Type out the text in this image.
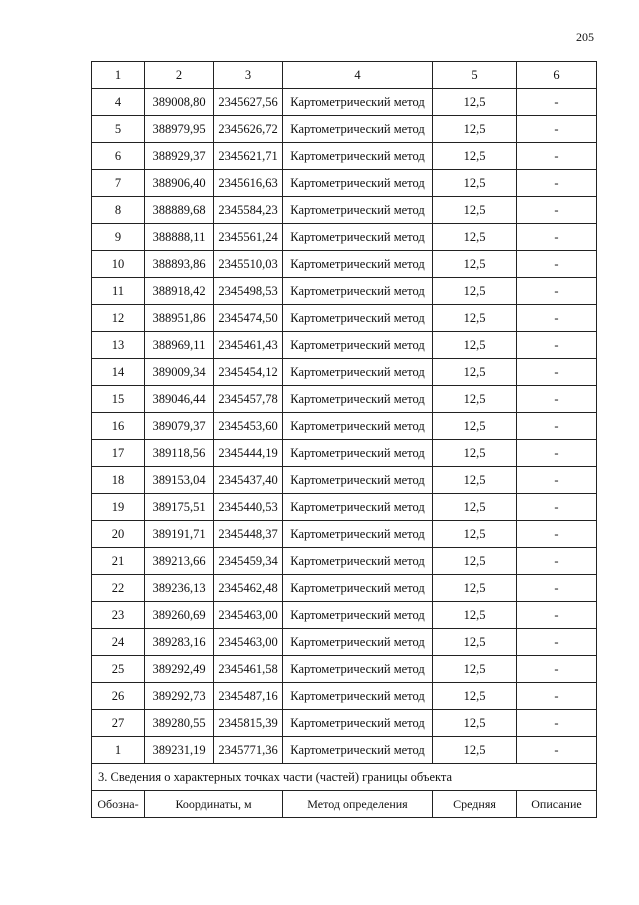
205
1	2	3	4	5	6
4	389008,80	2345627,56	Картометрический метод	12,5	-
5	388979,95	2345626,72	Картометрический метод	12,5	-
6	388929,37	2345621,71	Картометрический метод	12,5	-
7	388906,40	2345616,63	Картометрический метод	12,5	-
8	388889,68	2345584,23	Картометрический метод	12,5	-
9	388888,11	2345561,24	Картометрический метод	12,5	-
10	388893,86	2345510,03	Картометрический метод	12,5	-
11	388918,42	2345498,53	Картометрический метод	12,5	-
12	388951,86	2345474,50	Картометрический метод	12,5	-
13	388969,11	2345461,43	Картометрический метод	12,5	-
14	389009,34	2345454,12	Картометрический метод	12,5	-
15	389046,44	2345457,78	Картометрический метод	12,5	-
16	389079,37	2345453,60	Картометрический метод	12,5	-
17	389118,56	2345444,19	Картометрический метод	12,5	-
18	389153,04	2345437,40	Картометрический метод	12,5	-
19	389175,51	2345440,53	Картометрический метод	12,5	-
20	389191,71	2345448,37	Картометрический метод	12,5	-
21	389213,66	2345459,34	Картометрический метод	12,5	-
22	389236,13	2345462,48	Картометрический метод	12,5	-
23	389260,69	2345463,00	Картометрический метод	12,5	-
24	389283,16	2345463,00	Картометрический метод	12,5	-
25	389292,49	2345461,58	Картометрический метод	12,5	-
26	389292,73	2345487,16	Картометрический метод	12,5	-
27	389280,55	2345815,39	Картометрический метод	12,5	-
1	389231,19	2345771,36	Картометрический метод	12,5	-
3. Сведения о характерных точках части (частей) границы объекта					
Обозна-	Координаты, м		Метод определения	Средняя	Описание
